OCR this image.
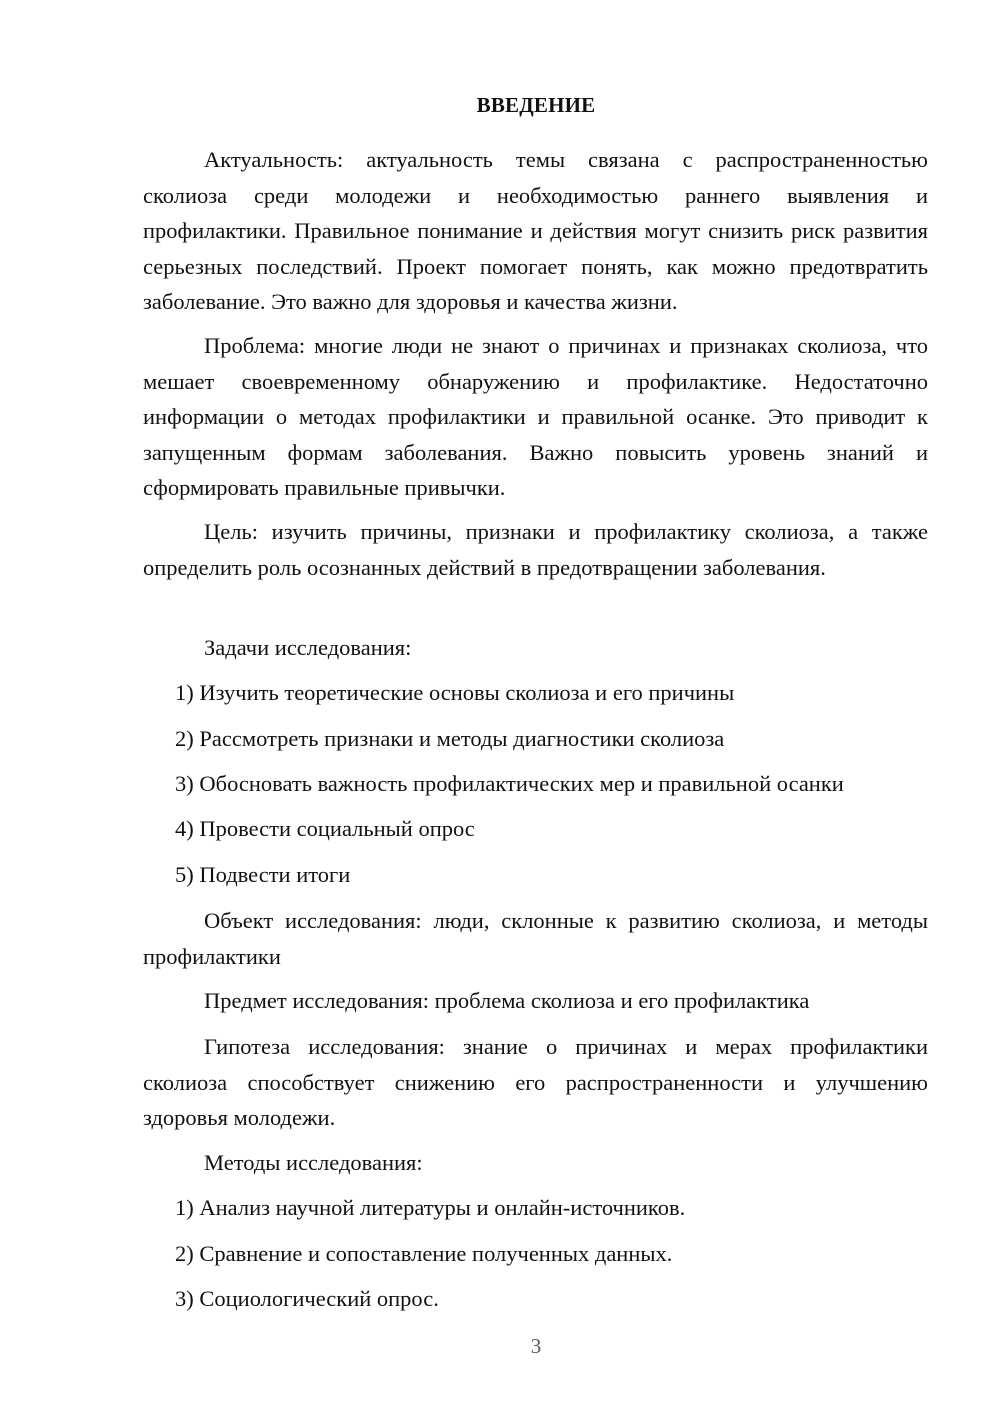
ВВЕДЕНИЕ

Актуальность: актуальность темы связана с распространенностью сколиоза среди молодежи и необходимостью раннего выявления и профилактики. Правильное понимание и действия могут снизить риск развития серьезных последствий. Проект помогает понять, как можно предотвратить заболевание. Это важно для здоровья и качества жизни.

Проблема: многие люди не знают о причинах и признаках сколиоза, что мешает своевременному обнаружению и профилактике. Недостаточно информации о методах профилактики и правильной осанке. Это приводит к запущенным формам заболевания. Важно повысить уровень знаний и сформировать правильные привычки.

Цель: изучить причины, признаки и профилактику сколиоза, а также определить роль осознанных действий в предотвращении заболевания.

Задачи исследования:

1) Изучить теоретические основы сколиоза и его причины

2) Рассмотреть признаки и методы диагностики сколиоза

3) Обосновать важность профилактических мер и правильной осанки

4) Провести социальный опрос

5) Подвести итоги

Объект исследования: люди, склонные к развитию сколиоза, и методы профилактики

Предмет исследования: проблема сколиоза и его профилактика

Гипотеза исследования: знание о причинах и мерах профилактики сколиоза способствует снижению его распространенности и улучшению здоровья молодежи.

Методы исследования:

1) Анализ научной литературы и онлайн-источников.

2) Сравнение и сопоставление полученных данных.

3) Социологический опрос.

3
